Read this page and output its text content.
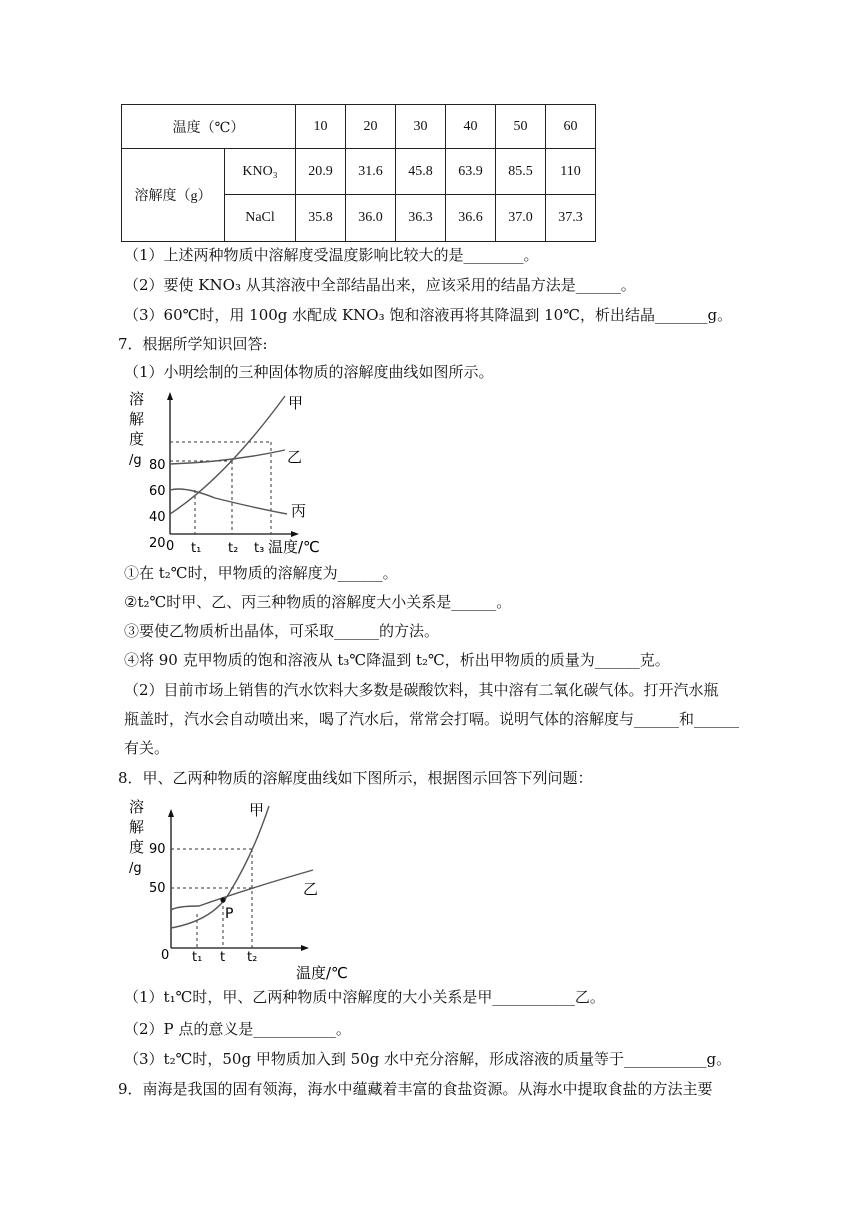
温度（℃）		10	20	30	40	50	60
溶解度（g）	KNO₃	20.9	31.6	45.8	63.9	85.5	110
	NaCl	35.8	36.0	36.3	36.6	37.0	37.3
（1）上述两种物质中溶解度受温度影响比较大的是________。
（2）要使 KNO₃ 从其溶液中全部结晶出来，应该采用的结晶方法是______。
（3）60℃时，用 100g 水配成 KNO₃ 饱和溶液再将其降温到 10℃，析出结晶_______g。
7．根据所学知识回答:
（1）小明绘制的三种固体物质的溶解度曲线如图所示。
溶
解
度
/g 80
60
40
20
甲
乙
丙
0 t₁ t₂ t₃ 温度/℃
①在 t₂℃时，甲物质的溶解度为______。
②t₂℃时甲、乙、丙三种物质的溶解度大小关系是______。
③要使乙物质析出晶体，可采取______的方法。
④将 90 克甲物质的饱和溶液从 t₃℃降温到 t₂℃，析出甲物质的质量为______克。
（2）目前市场上销售的汽水饮料大多数是碳酸饮料，其中溶有二氧化碳气体。打开汽水瓶
瓶盖时，汽水会自动喷出来，喝了汽水后，常常会打嗝。说明气体的溶解度与______和______
有关。
8．甲、乙两种物质的溶解度曲线如下图所示，根据图示回答下列问题：
溶
解
度
/g
90
50
P
甲
乙
0 t₁ t t₂
温度/℃
（1）t₁℃时，甲、乙两种物质中溶解度的大小关系是甲___________乙。
（2）P 点的意义是___________。
（3）t₂℃时，50g 甲物质加入到 50g 水中充分溶解，形成溶液的质量等于___________g。
9．南海是我国的固有领海，海水中蕴藏着丰富的食盐资源。从海水中提取食盐的方法主要
